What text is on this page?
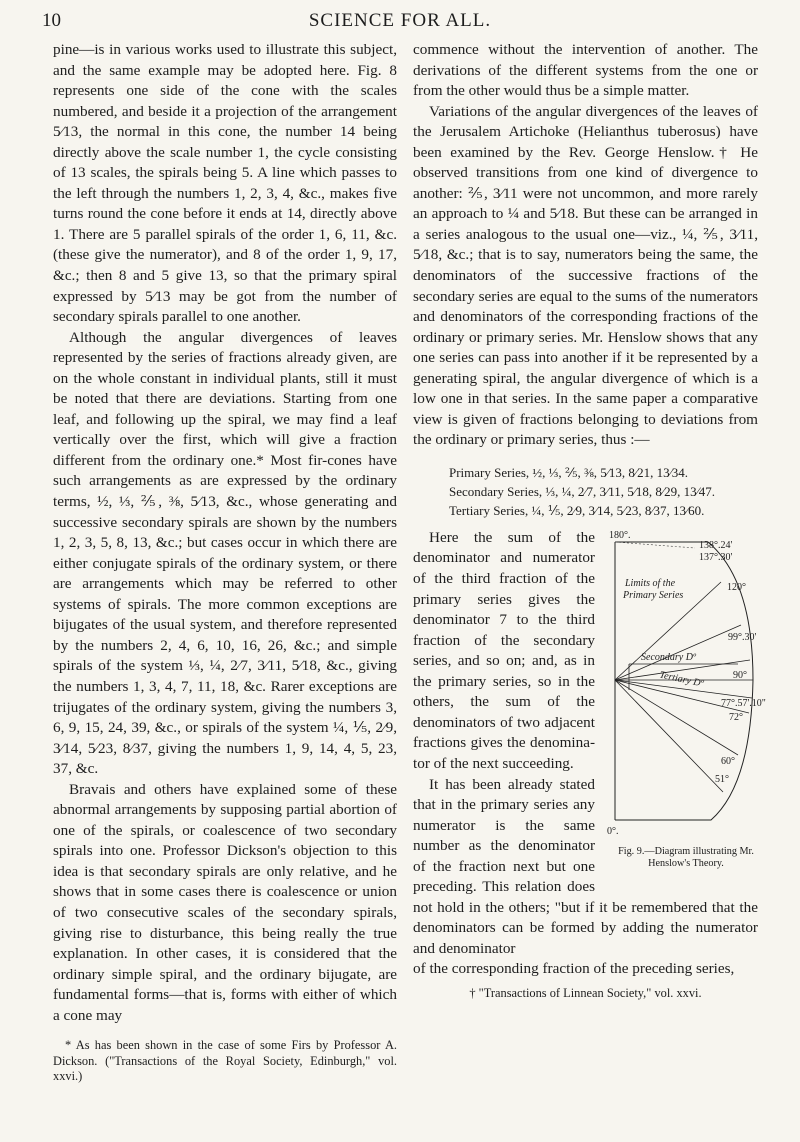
10	SCIENCE FOR ALL.

pine—is in various works used to illustrate this subject, and the same example may be adopted here. Fig. 8 represents one side of the cone with the scales numbered, and beside it a projection of the arrangement 5⁄13, the normal in this cone, the number 14 being directly above the scale number 1, the cycle consisting of 13 scales, the spirals being 5. A line which passes to the left through the numbers 1, 2, 3, 4, &c., makes five turns round the cone before it ends at 14, directly above 1. There are 5 parallel spirals of the order 1, 6, 11, &c. (these give the numerator), and 8 of the order 1, 9, 17, &c.; then 8 and 5 give 13, so that the primary spiral expressed by 5⁄13 may be got from the number of secondary spirals parallel to one another.

Although the angular divergences of leaves represented by the series of fractions already given, are on the whole constant in individual plants, still it must be noted that there are deviations. Starting from one leaf, and following up the spiral, we may find a leaf vertically over the first, which will give a fraction different from the ordinary one.* Most fir-cones have such arrangements as are expressed by the ordinary terms, ½, ⅓, ⅖, ⅜, 5⁄13, &c., whose generating and successive secondary spirals are shown by the numbers 1, 2, 3, 5, 8, 13, &c.; but cases occur in which there are either conjugate spirals of the ordinary system, or there are arrangements which may be referred to other systems of spirals. The more common exceptions are bijugates of the usual system, and therefore represented by the numbers 2, 4, 6, 10, 16, 26, &c.; and simple spirals of the system ⅓, ¼, 2⁄7, 3⁄11, 5⁄18, &c., giving the numbers 1, 3, 4, 7, 11, 18, &c. Rarer exceptions are trijugates of the ordinary system, giving the numbers 3, 6, 9, 15, 24, 39, &c., or spirals of the system ¼, ⅕, 2⁄9, 3⁄14, 5⁄23, 8⁄37, giving the numbers 1, 9, 14, 4, 5, 23, 37, &c.

Bravais and others have explained some of these abnormal arrangements by supposing partial abortion of one of the spirals, or coalescence of two secondary spirals into one. Professor Dickson's objection to this idea is that secondary spirals are only relative, and he shows that in some cases there is coalescence or union of two consecutive scales of the secondary spirals, giving rise to disturbance, this being really the true explanation. In other cases, it is considered that the ordinary simple spiral, and the ordinary bijugate, are fundamental forms—that is, forms with either of which a cone may

* As has been shown in the case of some Firs by Professor A. Dickson. ("Transactions of the Royal Society, Edinburgh," vol. xxvi.)

commence without the intervention of another. The derivations of the different systems from the one or from the other would thus be a simple matter.

Variations of the angular divergences of the leaves of the Jerusalem Artichoke (Helianthus tuberosus) have been examined by the Rev. George Henslow.† He observed transitions from one kind of divergence to another: ⅖, 3⁄11 were not uncommon, and more rarely an approach to ¼ and 5⁄18. But these can be arranged in a series analogous to the usual one—viz., ¼, ⅖, 3⁄11, 5⁄18, &c.; that is to say, numerators being the same, the denominators of the successive fractions of the secondary series are equal to the sums of the numerators and denominators of the corresponding fractions of the ordinary or primary series. Mr. Henslow shows that any one series can pass into another if it be represented by a generating spiral, the angular divergence of which is a low one in that series. In the same paper a comparative view is given of fractions belonging to deviations from the ordinary or primary series, thus :—

Primary Series, ½, ⅓, ⅖, ⅜, 5⁄13, 8⁄21, 13⁄34.
Secondary Series, ⅓, ¼, 2⁄7, 3⁄11, 5⁄18, 8⁄29, 13⁄47.
Tertiary Series, ¼, ⅕, 2⁄9, 3⁄14, 5⁄23, 8⁄37, 13⁄60.
180°.
138°.24'
137°.30'
120°
Limits of the
Primary Series
99°.30'
Secondary Dº
90°
Tertiary Dº
77°.57'.10"
72°
60°
51°
0°.
Fig. 9.—Diagram illustrating Mr. Henslow's Theory.

Here the sum of the denominator and numerator of the third fraction of the primary series gives the denominator 7 to the third fraction of the secondary series, and so on; and, as in the primary series, so in the others, the sum of the denominators of two adjacent fractions gives the denominator of the next succeeding.

It has been already stated that in the primary series any numerator is the same number as the denominator of the fraction next but one preceding. This relation does not hold in the others; "but if it be remembered that the denominators can be formed by adding the numerator and denominator

of the corresponding fraction of the preceding series,

† "Transactions of Linnean Society," vol. xxvi.
